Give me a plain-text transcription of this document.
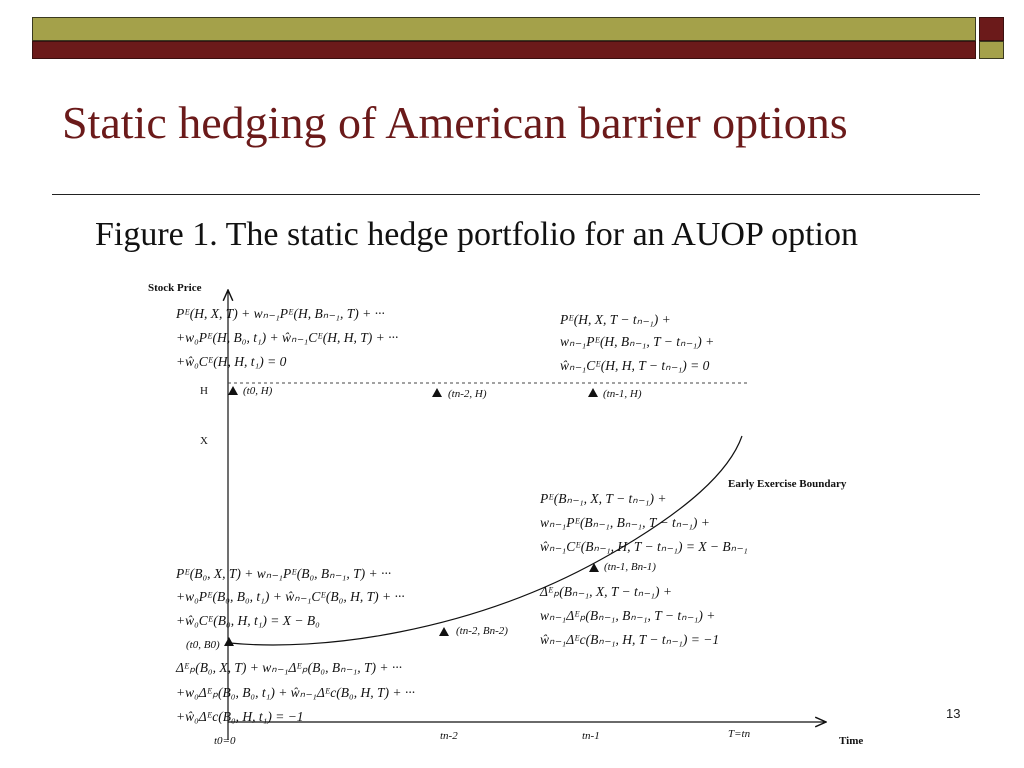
Static hedging of American barrier options
Figure 1. The static hedge portfolio for an AUOP option
Stock Price
Time
Early Exercise Boundary
H
X
t0=0	tn-2	tn-1	T=tn
(t0, H)	(tn-2, H)	(tn-1, H)
(t0, B0)
(tn-2, Bn-2)
(tn-1, Bn-1)
Pᴱ(H, X, T) + wₙ₋₁Pᴱ(H, Bₙ₋₁, T) + ···
+w₀Pᴱ(H, B₀, t₁) + ŵₙ₋₁Cᴱ(H, H, T) + ···
+ŵ₀Cᴱ(H, H, t₁) = 0
Pᴱ(H, X, T − tₙ₋₁) +
wₙ₋₁Pᴱ(H, Bₙ₋₁, T − tₙ₋₁) +
ŵₙ₋₁Cᴱ(H, H, T − tₙ₋₁) = 0
Pᴱ(Bₙ₋₁, X, T − tₙ₋₁) +
wₙ₋₁Pᴱ(Bₙ₋₁, Bₙ₋₁, T − tₙ₋₁) +
ŵₙ₋₁Cᴱ(Bₙ₋₁, H, T − tₙ₋₁) = X − Bₙ₋₁
Δᴱₚ(Bₙ₋₁, X, T − tₙ₋₁) +
wₙ₋₁Δᴱₚ(Bₙ₋₁, Bₙ₋₁, T − tₙ₋₁) +
ŵₙ₋₁Δᴱc(Bₙ₋₁, H, T − tₙ₋₁) = −1
Pᴱ(B₀, X, T) + wₙ₋₁Pᴱ(B₀, Bₙ₋₁, T) + ···
+w₀Pᴱ(B₀, B₀, t₁) + ŵₙ₋₁Cᴱ(B₀, H, T) + ···
+ŵ₀Cᴱ(B₀, H, t₁) = X − B₀
Δᴱₚ(B₀, X, T) + wₙ₋₁Δᴱₚ(B₀, Bₙ₋₁, T) + ···
+w₀Δᴱₚ(B₀, B₀, t₁) + ŵₙ₋₁Δᴱc(B₀, H, T) + ···
+ŵ₀Δᴱc(B₀, H, t₁) = −1	13
